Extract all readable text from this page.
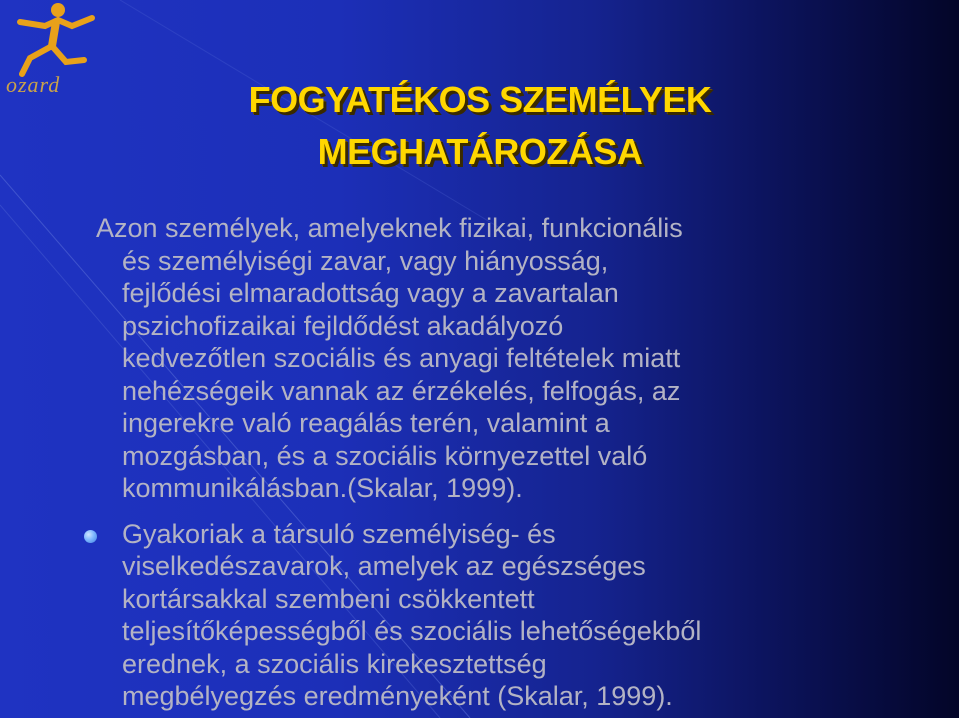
ozard	FOGYATÉKOS SZEMÉLYEK
MEGHATÁROZÁSA
Azon személyek, amelyeknek fizikai, funkcionális
és személyiségi zavar, vagy hiányosság,
fejlődési elmaradottság vagy a zavartalan
pszichofizaikai fejldődést akadályozó
kedvezőtlen szociális és anyagi feltételek miatt
nehézségeik vannak az érzékelés, felfogás, az
ingerekre való reagálás terén, valamint a
mozgásban, és a szociális környezettel való
kommunikálásban.(Skalar, 1999).
Gyakoriak a társuló személyiség- és
viselkedészavarok, amelyek az egészséges
kortársakkal szembeni csökkentett
teljesítőképességből és szociális lehetőségekből
erednek, a szociális kirekesztettség
megbélyegzés eredményeként (Skalar, 1999).
